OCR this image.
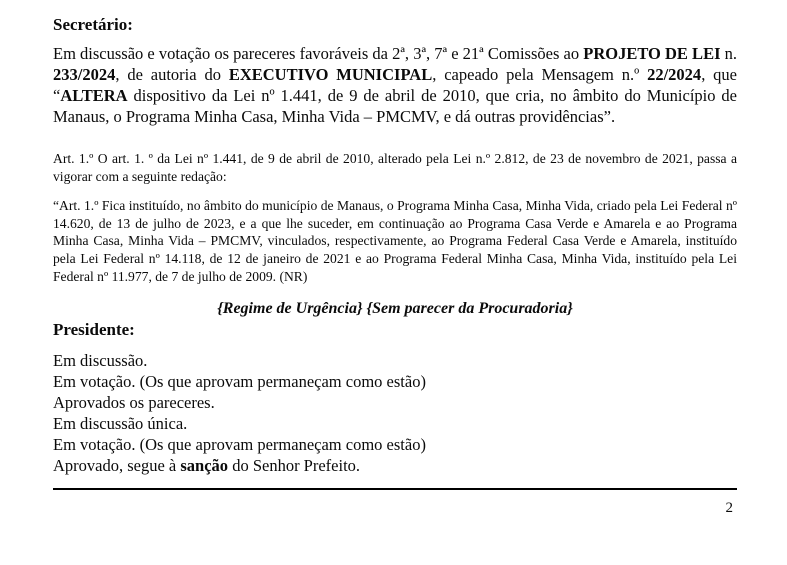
Secretário:

Em discussão e votação os pareceres favoráveis da 2ª, 3ª, 7ª e 21ª Comissões ao PROJETO DE LEI n. 233/2024, de autoria do EXECUTIVO MUNICIPAL, capeado pela Mensagem n.º 22/2024, que “ALTERA dispositivo da Lei nº 1.441, de 9 de abril de 2010, que cria, no âmbito do Município de Manaus, o Programa Minha Casa, Minha Vida – PMCMV, e dá outras providências”.

Art. 1.º O art. 1. º da Lei nº 1.441, de 9 de abril de 2010, alterado pela Lei n.º 2.812, de 23 de novembro de 2021, passa a vigorar com a seguinte redação:

“Art. 1.º Fica instituído, no âmbito do município de Manaus, o Programa Minha Casa, Minha Vida, criado pela Lei Federal nº 14.620, de 13 de julho de 2023, e a que lhe suceder, em continuação ao Programa Casa Verde e Amarela e ao Programa Minha Casa, Minha Vida – PMCMV, vinculados, respectivamente, ao Programa Federal Casa Verde e Amarela, instituído pela Lei Federal nº 14.118, de 12 de janeiro de 2021 e ao Programa Federal Minha Casa, Minha Vida, instituído pela Lei Federal nº 11.977, de 7 de julho de 2009. (NR)

{Regime de Urgência} {Sem parecer da Procuradoria}
Presidente:
Em discussão.
Em votação. (Os que aprovam permaneçam como estão)
Aprovados os pareceres.
Em discussão única.
Em votação. (Os que aprovam permaneçam como estão)
Aprovado, segue à sanção do Senhor Prefeito.
2
